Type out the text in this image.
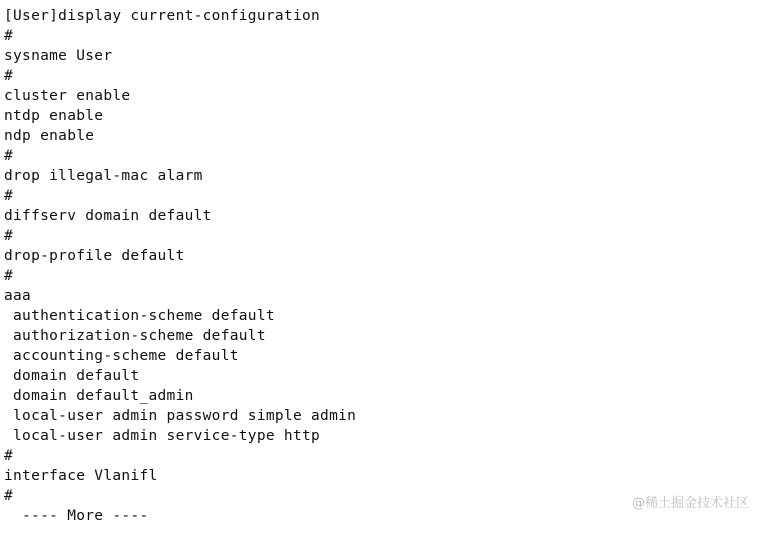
[User]display current-configuration
#
sysname User
#
cluster enable
ntdp enable
ndp enable
#
drop illegal-mac alarm
#
diffserv domain default
#
drop-profile default
#
aaa
authentication-scheme default
authorization-scheme default
accounting-scheme default
domain default
domain default_admin
local-user admin password simple admin
local-user admin service-type http
#
interface Vlanifl
#
---- More ----
@稀土掘金技术社区
